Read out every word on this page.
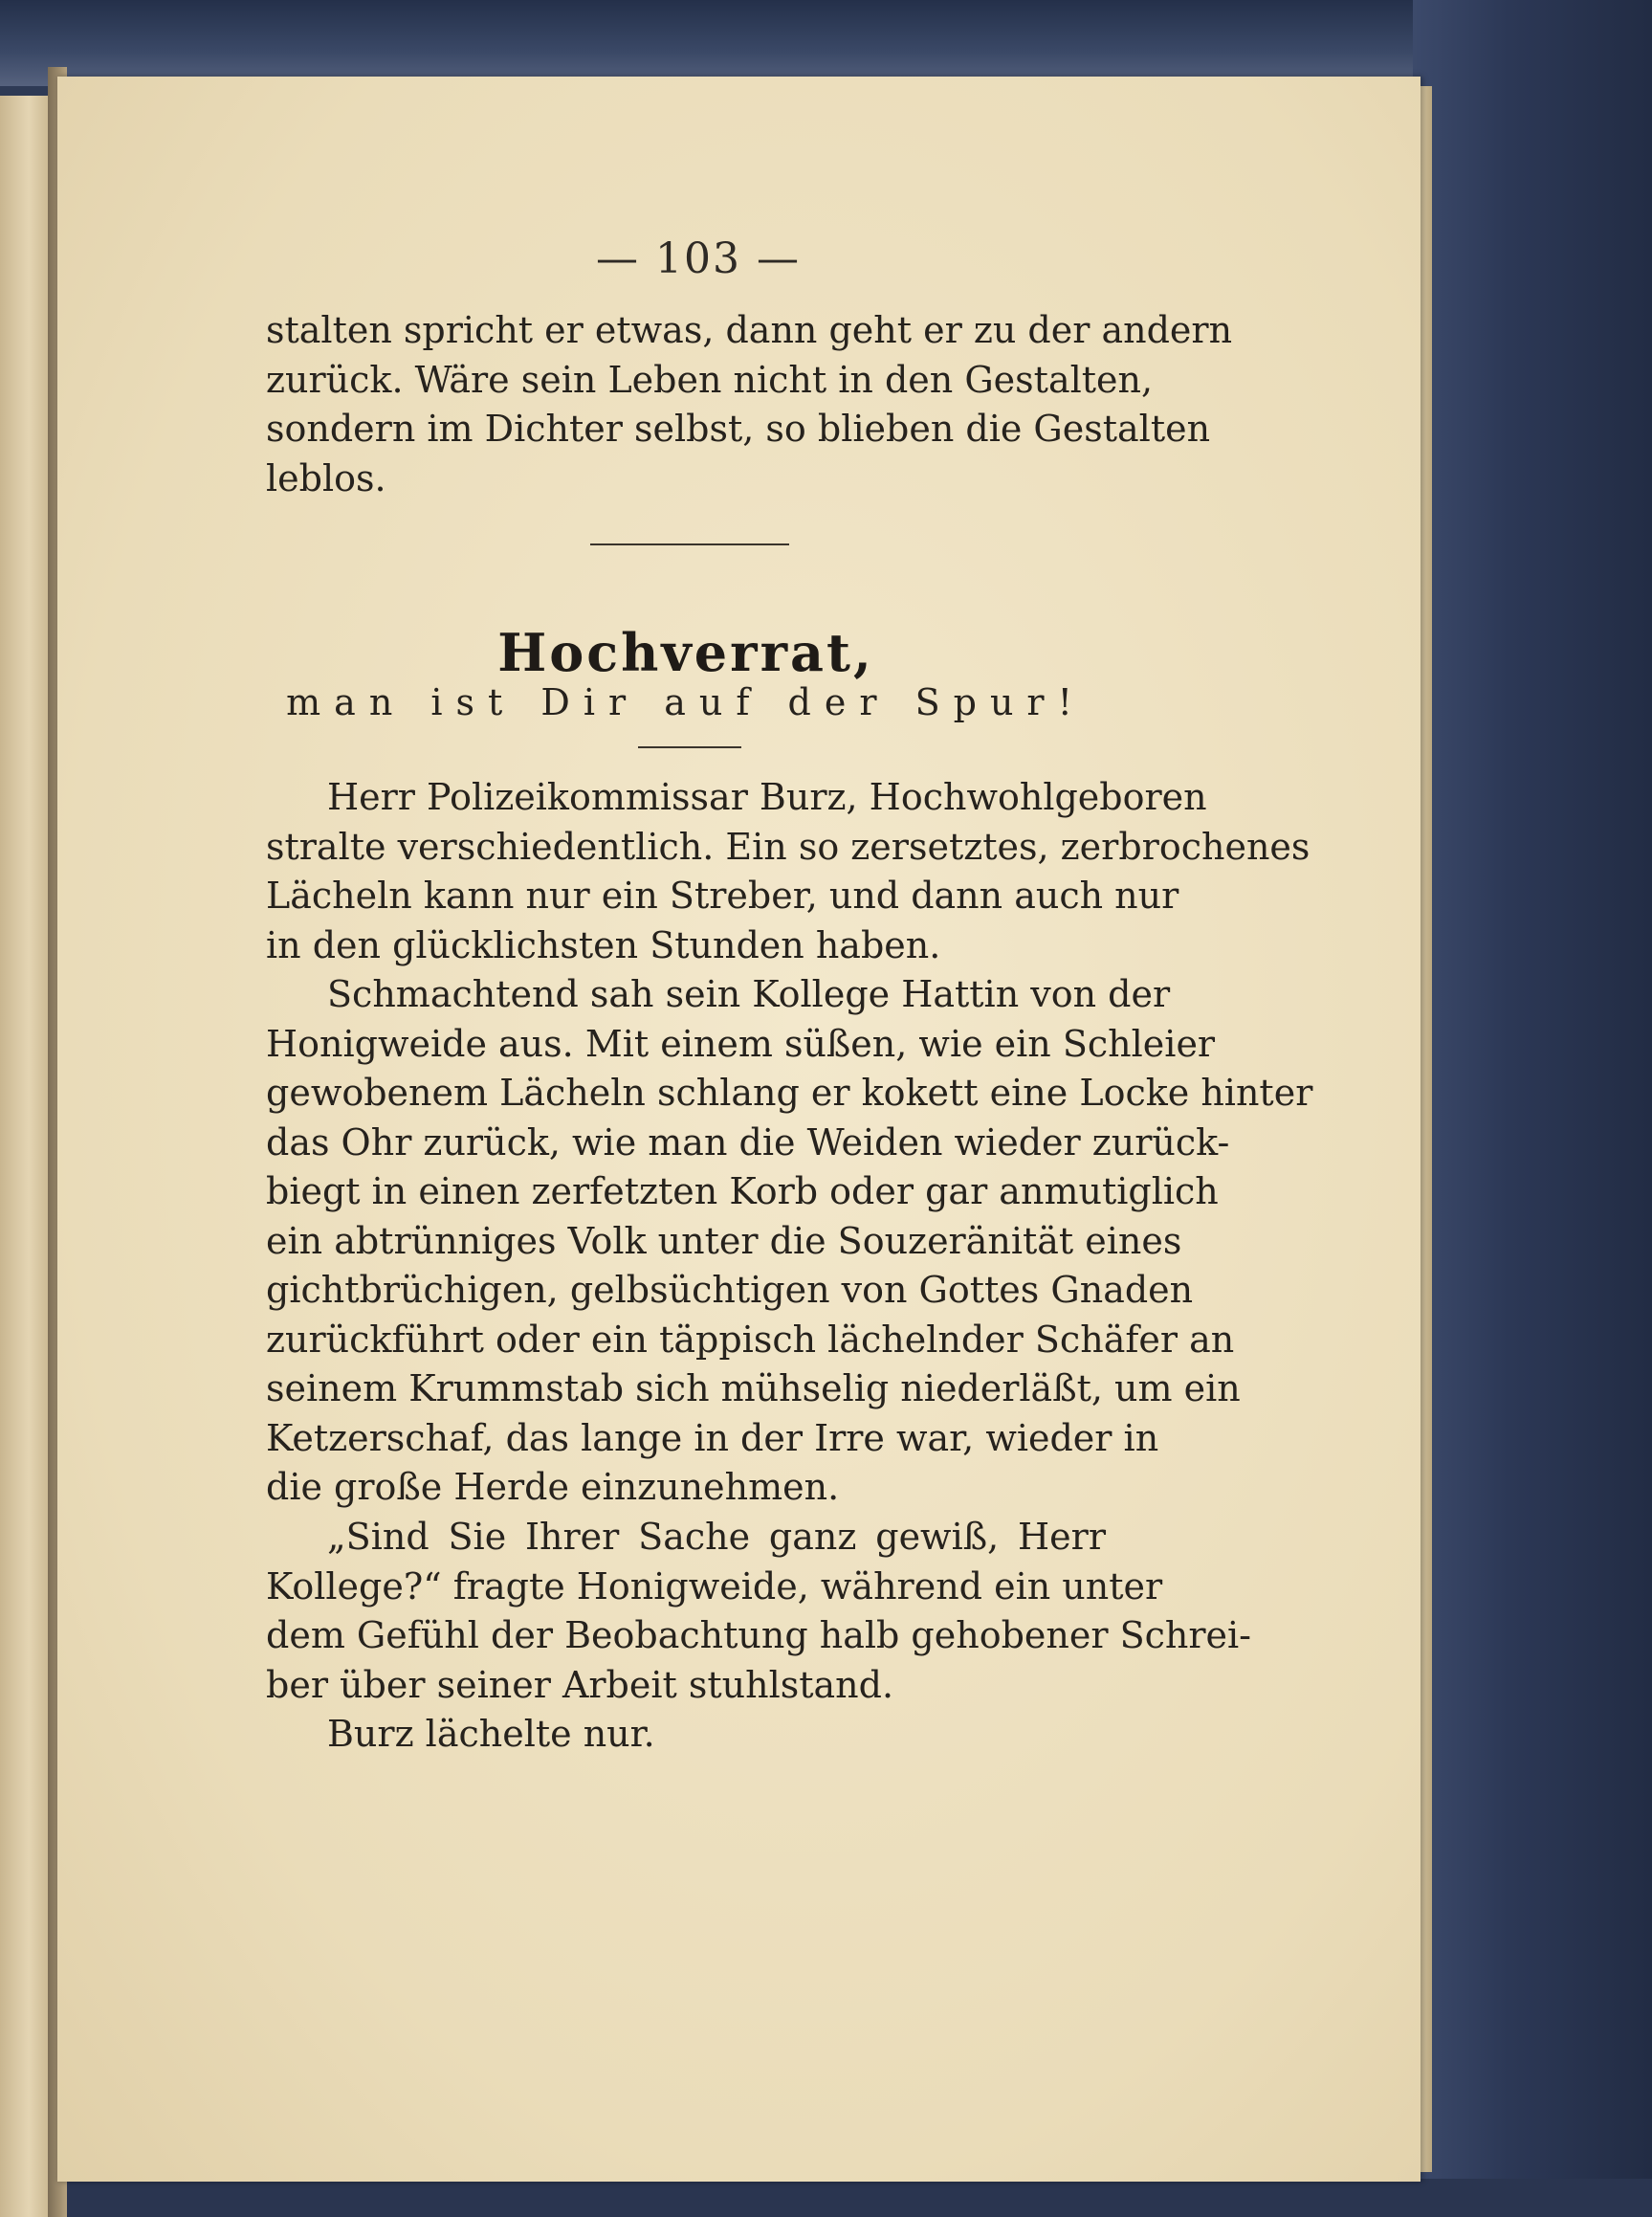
— 103 —
stalten spricht er etwas, dann geht er zu der andern
zurück. Wäre sein Leben nicht in den Gestalten,
sondern im Dichter selbst, so blieben die Gestalten
leblos.
Hochverrat,
man ist Dir auf der Spur!
Herr Polizeikommissar Burz, Hochwohlgeboren
stralte verschiedentlich. Ein so zersetztes, zerbrochenes
Lächeln kann nur ein Streber, und dann auch nur
in den glücklichsten Stunden haben.
Schmachtend sah sein Kollege Hattin von der
Honigweide aus. Mit einem süßen, wie ein Schleier
gewobenem Lächeln schlang er kokett eine Locke hinter
das Ohr zurück, wie man die Weiden wieder zurück-
biegt in einen zerfetzten Korb oder gar anmutiglich
ein abtrünniges Volk unter die Souzeränität eines
gichtbrüchigen, gelbsüchtigen von Gottes Gnaden
zurückführt oder ein täppisch lächelnder Schäfer an
seinem Krummstab sich mühselig niederläßt, um ein
Ketzerschaf, das lange in der Irre war, wieder in
die große Herde einzunehmen.
„Sind Sie Ihrer Sache ganz gewiß, Herr
Kollege?“ fragte Honigweide, während ein unter
dem Gefühl der Beobachtung halb gehobener Schrei-
ber über seiner Arbeit stuhlstand.
Burz lächelte nur.
